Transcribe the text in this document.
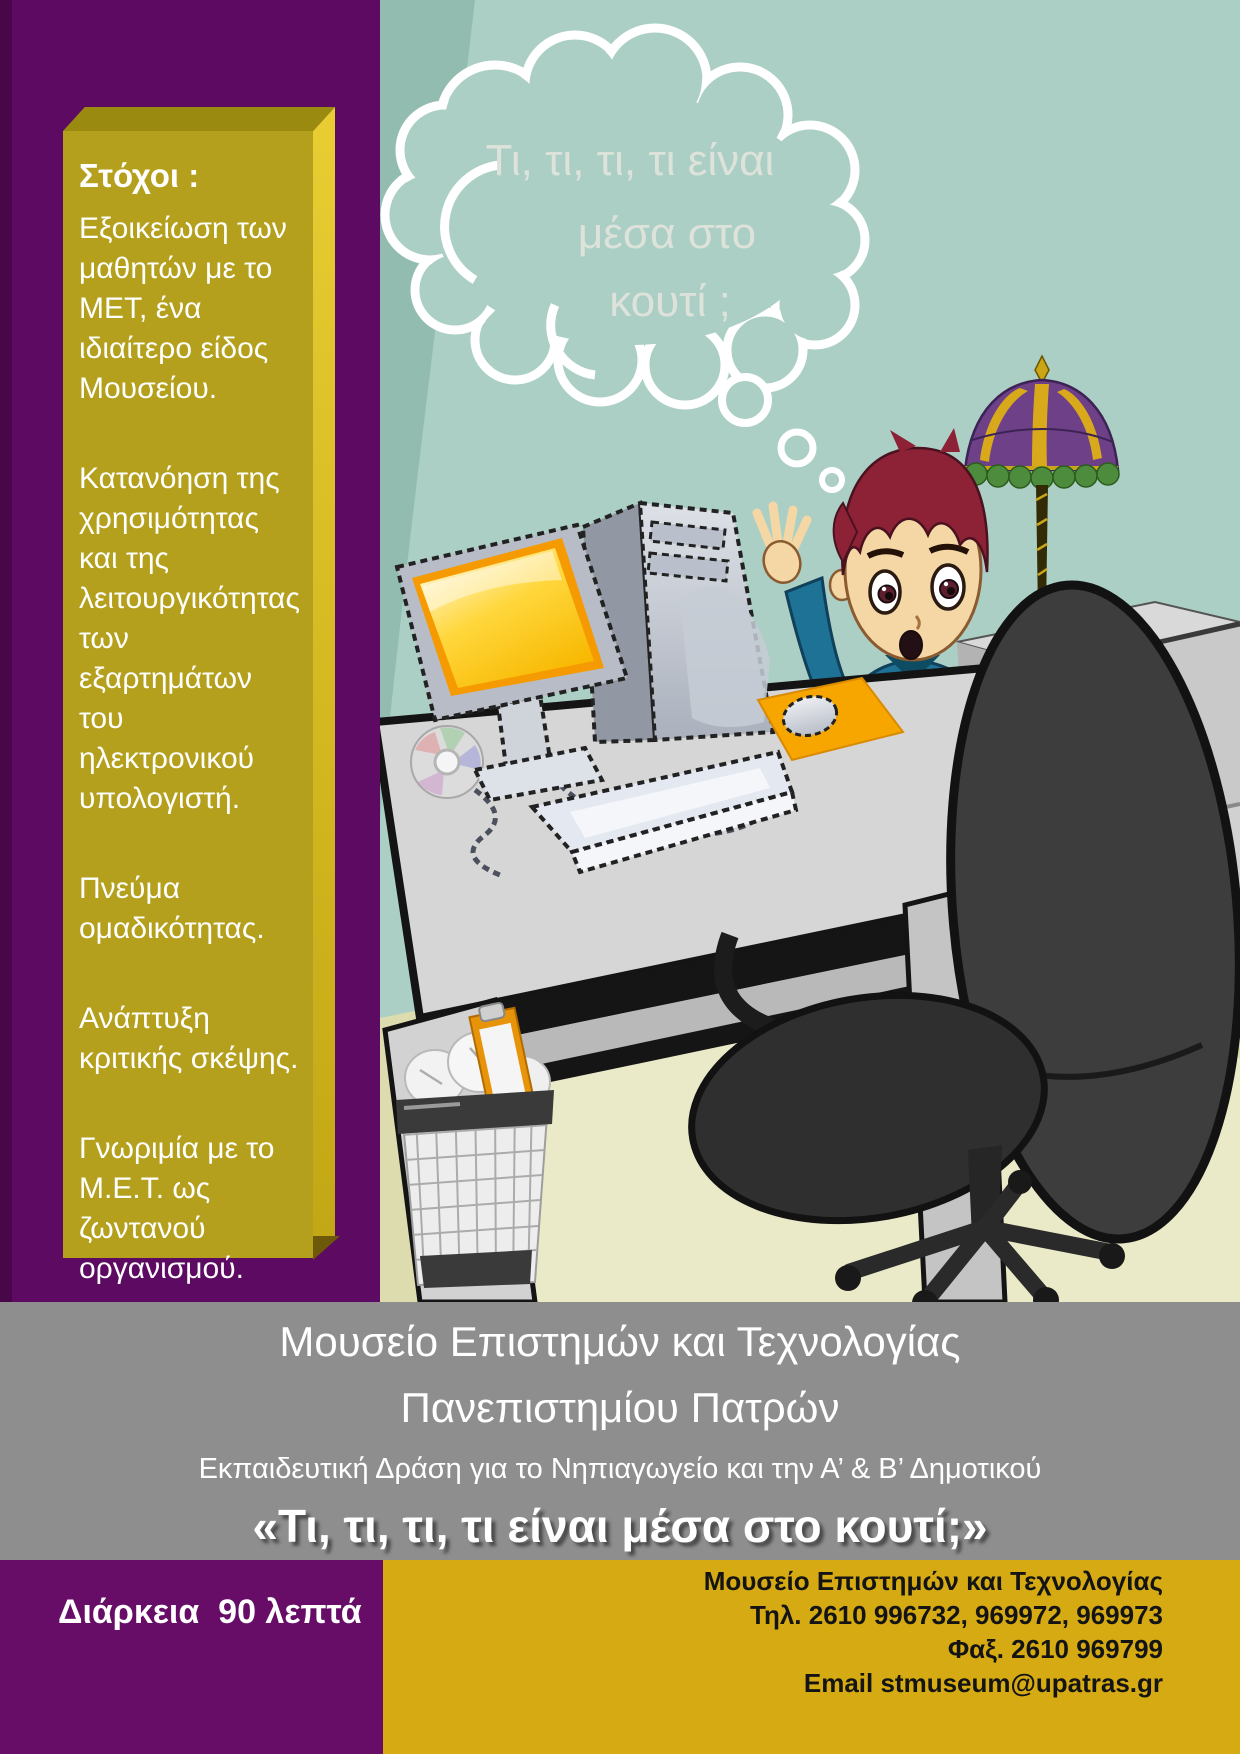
Στόχοι :
Εξοικείωση των μαθητών με το ΜΕΤ, ένα ιδιαίτερο είδος Μουσείου.
Κατανόηση της χρησιμότητας και της λειτουργικότητας των εξαρτημάτων του ηλεκτρονικού υπολογιστή.
Πνεύμα ομαδικότητας.
Ανάπτυξη κριτικής σκέψης.
Γνωριμία με το Μ.Ε.Τ. ως ζωντανού οργανισμού.
Τι, τι, τι, τι είναι
μέσα στο
κουτί ;
Μουσείο Επιστημών και Τεχνολογίας
Πανεπιστημίου Πατρών
Εκπαιδευτική Δράση για το Νηπιαγωγείο και την Α’ & Β’ Δημοτικού
«Τι, τι, τι, τι είναι μέσα στο κουτί;»
Διάρκεια  90 λεπτά
Μουσείο Επιστημών και Τεχνολογίας
Τηλ. 2610 996732, 969972, 969973
Φαξ. 2610 969799
Email stmuseum@upatras.gr
